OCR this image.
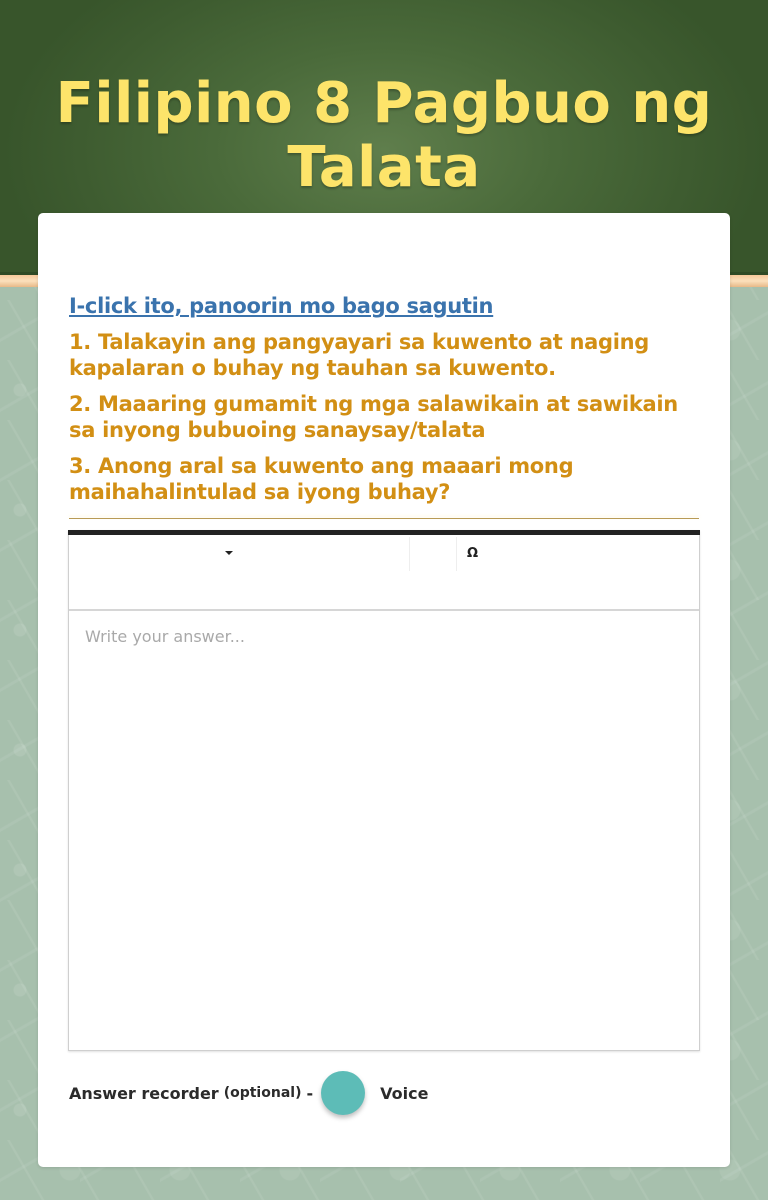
Filipino 8 Pagbuo ng Talata
I-click ito, panoorin mo bago sagutin
1. Talakayin ang pangyayari sa kuwento at naging kapalaran o buhay ng tauhan sa kuwento.
2. Maaaring gumamit ng mga salawikain at sawikain sa inyong bubuoing sanaysay/talata
3. Anong aral sa kuwento ang maaari mong maihahalintulad sa iyong buhay?
Ω
Write your answer...
Answer recorder (optional) -	Voice
